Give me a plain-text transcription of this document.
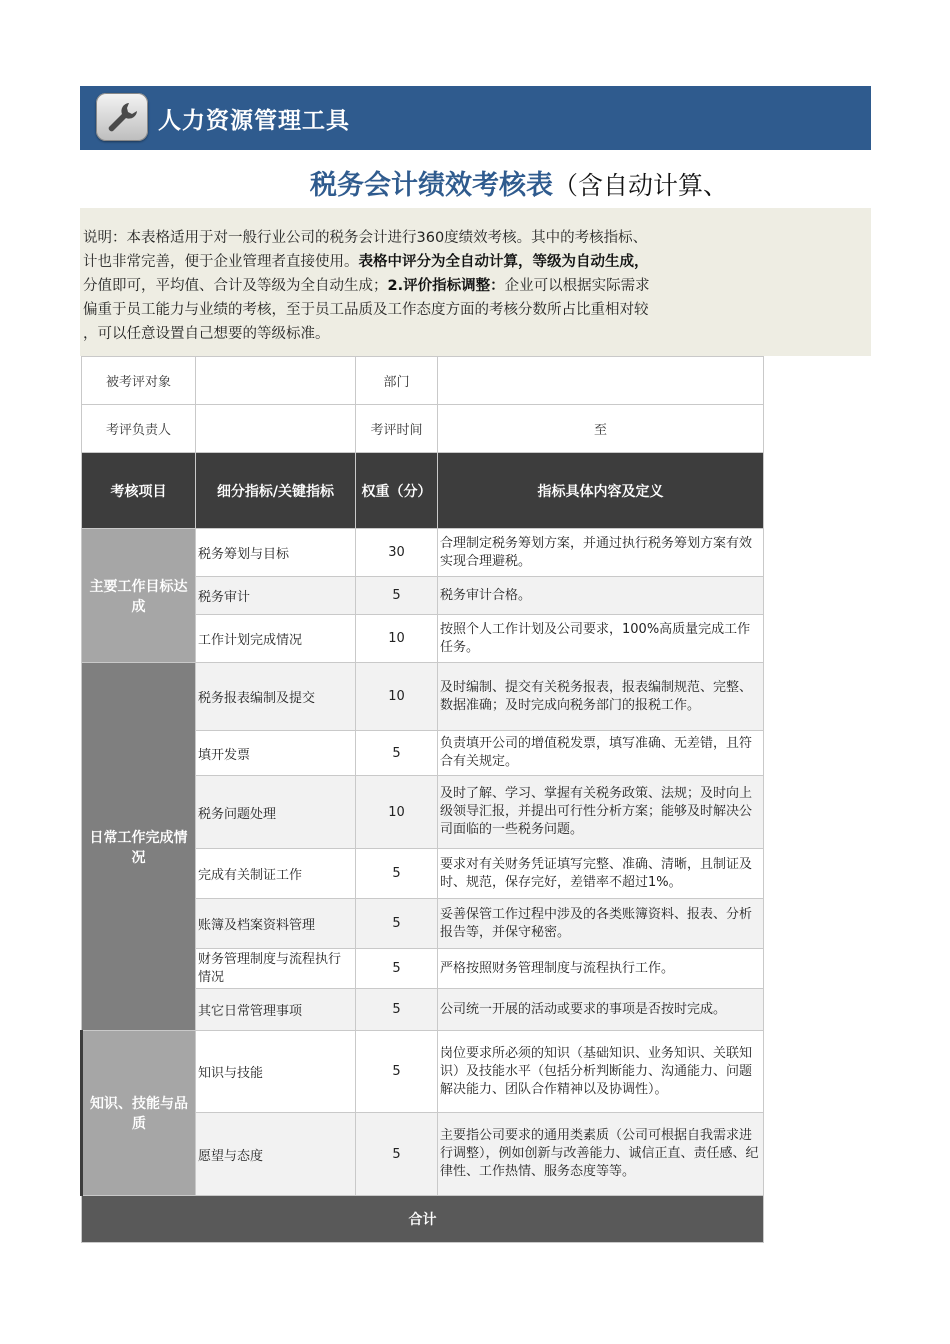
人力资源管理工具
税务会计绩效考核表（含自动计算、
说明：本表格适用于对一般行业公司的税务会计进行360度绩效考核。其中的考核指标、
计也非常完善，便于企业管理者直接使用。表格中评分为全自动计算，等级为自动生成，
分值即可，平均值、合计及等级为全自动生成；2.评价指标调整：企业可以根据实际需求
偏重于员工能力与业绩的考核，至于员工品质及工作态度方面的考核分数所占比重相对较
，可以任意设置自己想要的等级标准。
被考评对象		部门	
考评负责人		考评时间	至
考核项目	细分指标/关键指标	权重（分）	指标具体内容及定义
主要工作目标达成	税务筹划与目标	30	合理制定税务筹划方案，并通过执行税务筹划方案有效实现合理避税。
	税务审计	5	税务审计合格。
	工作计划完成情况	10	按照个人工作计划及公司要求，100%高质量完成工作任务。
日常工作完成情况	税务报表编制及提交	10	及时编制、提交有关税务报表，报表编制规范、完整、数据准确；及时完成向税务部门的报税工作。
	填开发票	5	负责填开公司的增值税发票，填写准确、无差错，且符合有关规定。
	税务问题处理	10	及时了解、学习、掌握有关税务政策、法规；及时向上级领导汇报，并提出可行性分析方案；能够及时解决公司面临的一些税务问题。
	完成有关制证工作	5	要求对有关财务凭证填写完整、准确、清晰，且制证及时、规范，保存完好，差错率不超过1%。
	账簿及档案资料管理	5	妥善保管工作过程中涉及的各类账簿资料、报表、分析报告等，并保守秘密。
	财务管理制度与流程执行情况	5	严格按照财务管理制度与流程执行工作。
	其它日常管理事项	5	公司统一开展的活动或要求的事项是否按时完成。
知识、技能与品质	知识与技能	5	岗位要求所必须的知识（基础知识、业务知识、关联知识）及技能水平（包括分析判断能力、沟通能力、问题解决能力、团队合作精神以及协调性）。
	愿望与态度	5	主要指公司要求的通用类素质（公司可根据自我需求进行调整），例如创新与改善能力、诚信正直、责任感、纪律性、工作热情、服务态度等等。
合计			
